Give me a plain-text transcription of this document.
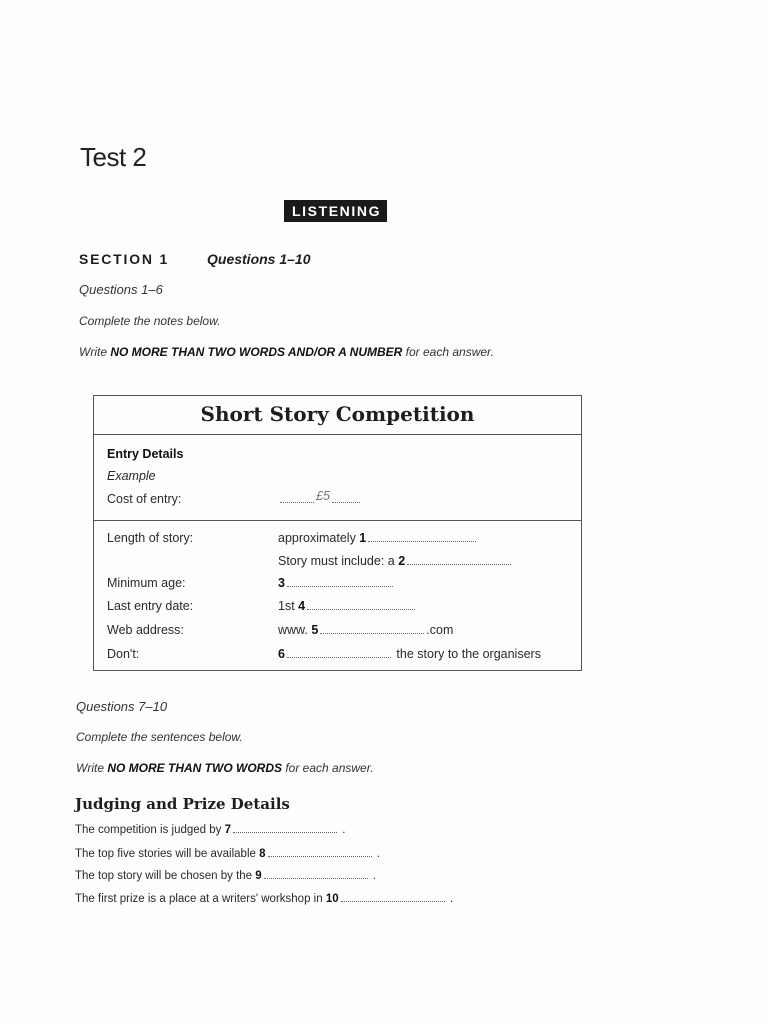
Test 2
LISTENING
SECTION 1	Questions 1–10
Questions 1–6
Complete the notes below.
Write NO MORE THAN TWO WORDS AND/OR A NUMBER for each answer.
Short Story Competition
Entry Details
Example
Cost of entry:	£5
Length of story:	approximately 1
Story must include: a 2
Minimum age:	3
Last entry date:	1st 4
Web address:	www. 5	.com
Don't:	6	the story to the organisers
Questions 7–10
Complete the sentences below.
Write NO MORE THAN TWO WORDS for each answer.
Judging and Prize Details
The competition is judged by 7	.
The top five stories will be available 8	.
The top story will be chosen by the 9	.
The first prize is a place at a writers' workshop in 10	.
